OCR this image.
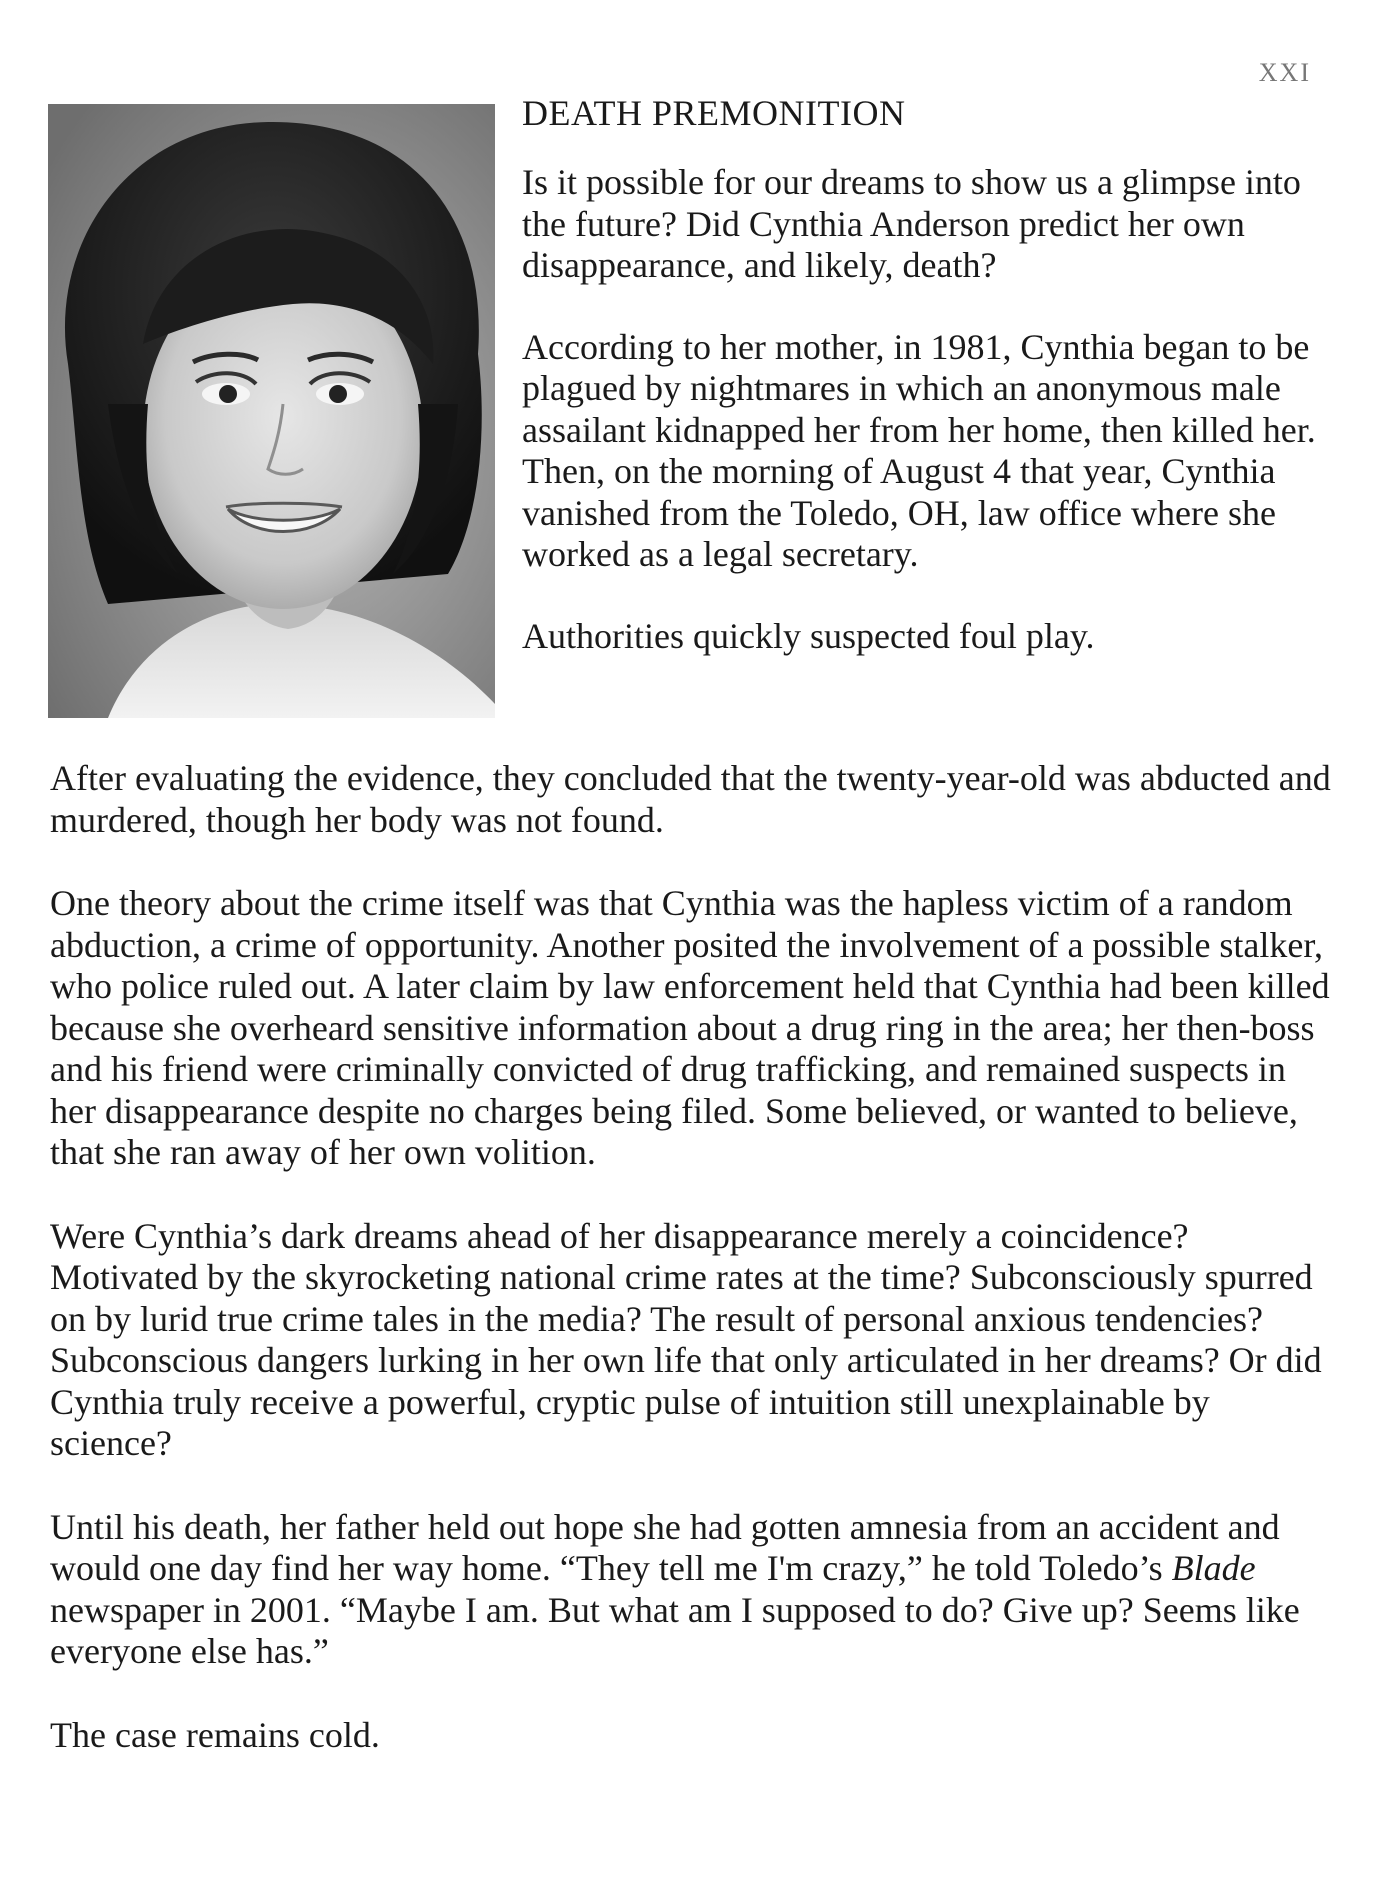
XXI
DEATH PREMONITION

Is it possible for our dreams to show us a glimpse into the future? Did Cynthia Anderson predict her own disappearance, and likely, death?

According to her mother, in 1981, Cynthia began to be plagued by nightmares in which an anonymous male assailant kidnapped her from her home, then killed her. Then, on the morning of August 4 that year, Cynthia vanished from the Toledo, OH, law office where she worked as a legal secretary.

Authorities quickly suspected foul play.

After evaluating the evidence, they concluded that the twenty-year-old was abducted and murdered, though her body was not found.

One theory about the crime itself was that Cynthia was the hapless victim of a random abduction, a crime of opportunity. Another posited the involvement of a possible stalker, who police ruled out. A later claim by law enforcement held that Cynthia had been killed because she overheard sensitive information about a drug ring in the area; her then-boss and his friend were criminally convicted of drug trafficking, and remained suspects in her disappearance despite no charges being filed. Some believed, or wanted to believe, that she ran away of her own volition.

Were Cynthia’s dark dreams ahead of her disappearance merely a coincidence? Motivated by the skyrocketing national crime rates at the time? Subconsciously spurred on by lurid true crime tales in the media? The result of personal anxious tendencies? Subconscious dangers lurking in her own life that only articulated in her dreams? Or did Cynthia truly receive a powerful, cryptic pulse of intuition still unexplainable by science?

Until his death, her father held out hope she had gotten amnesia from an accident and would one day find her way home. “They tell me I'm crazy,” he told Toledo’s Blade newspaper in 2001. “Maybe I am. But what am I supposed to do? Give up? Seems like everyone else has.”

The case remains cold.
